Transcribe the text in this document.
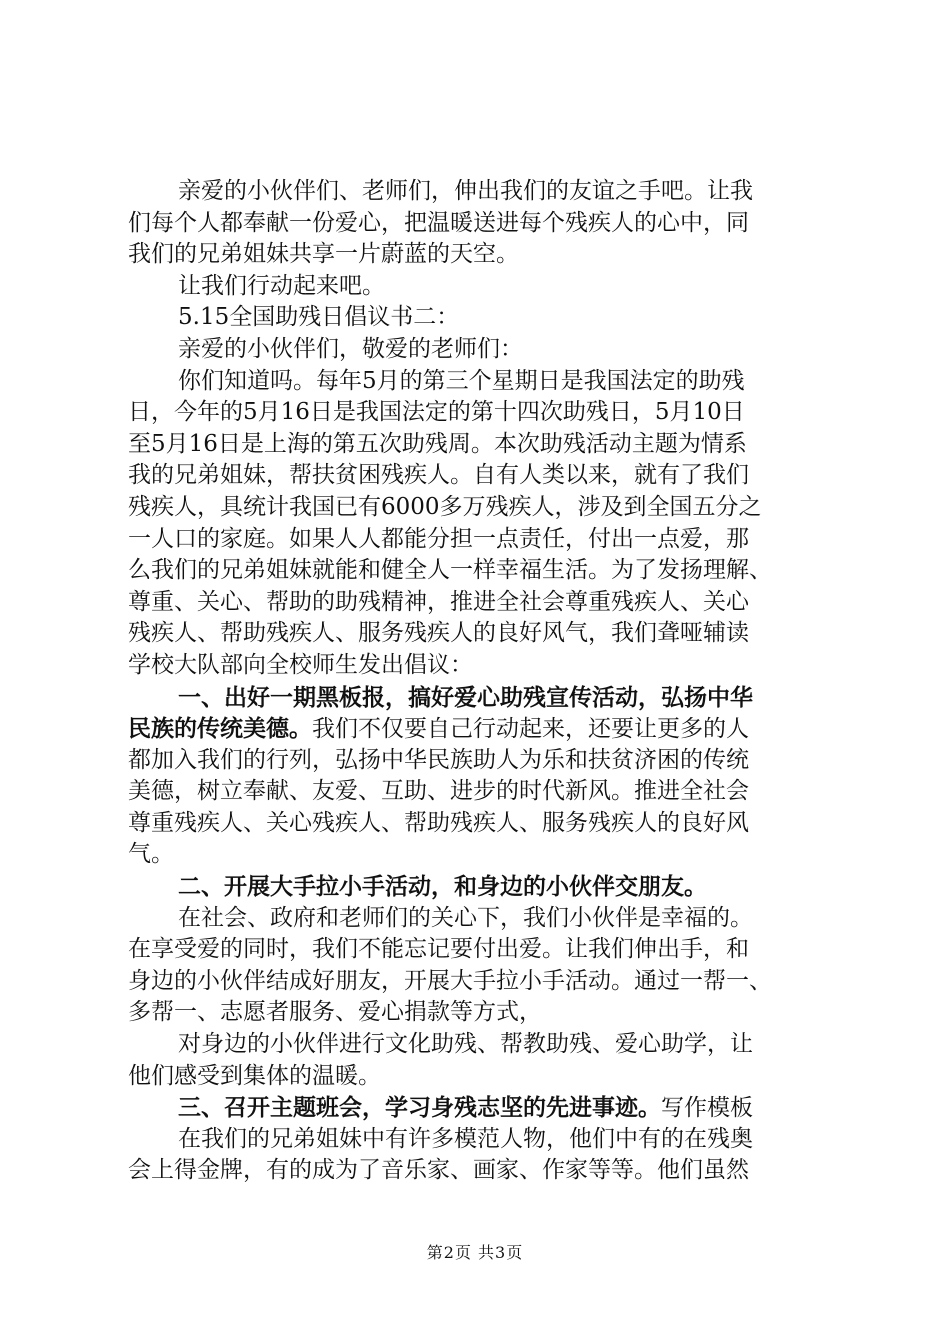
亲爱的小伙伴们、老师们，伸出我们的友谊之手吧。让我
们每个人都奉献一份爱心，把温暖送进每个残疾人的心中，同
我们的兄弟姐妹共享一片蔚蓝的天空。
让我们行动起来吧。
5.15全国助残日倡议书二：
亲爱的小伙伴们，敬爱的老师们：
你们知道吗。每年5月的第三个星期日是我国法定的助残
日，今年的5月16日是我国法定的第十四次助残日，5月10日
至5月16日是上海的第五次助残周。本次助残活动主题为情系
我的兄弟姐妹，帮扶贫困残疾人。自有人类以来，就有了我们
残疾人，具统计我国已有6000多万残疾人，涉及到全国五分之
一人口的家庭。如果人人都能分担一点责任，付出一点爱，那
么我们的兄弟姐妹就能和健全人一样幸福生活。为了发扬理解、
尊重、关心、帮助的助残精神，推进全社会尊重残疾人、关心
残疾人、帮助残疾人、服务残疾人的良好风气，我们聋哑辅读
学校大队部向全校师生发出倡议：
一、出好一期黑板报，搞好爱心助残宣传活动，弘扬中华
民族的传统美德。我们不仅要自己行动起来，还要让更多的人
都加入我们的行列，弘扬中华民族助人为乐和扶贫济困的传统
美德，树立奉献、友爱、互助、进步的时代新风。推进全社会
尊重残疾人、关心残疾人、帮助残疾人、服务残疾人的良好风
气。
二、开展大手拉小手活动，和身边的小伙伴交朋友。
在社会、政府和老师们的关心下，我们小伙伴是幸福的。
在享受爱的同时，我们不能忘记要付出爱。让我们伸出手，和
身边的小伙伴结成好朋友，开展大手拉小手活动。通过一帮一、
多帮一、志愿者服务、爱心捐款等方式，
对身边的小伙伴进行文化助残、帮教助残、爱心助学，让
他们感受到集体的温暖。
三、召开主题班会，学习身残志坚的先进事迹。写作模板
在我们的兄弟姐妹中有许多模范人物，他们中有的在残奥
会上得金牌，有的成为了音乐家、画家、作家等等。他们虽然
第2页 共3页
